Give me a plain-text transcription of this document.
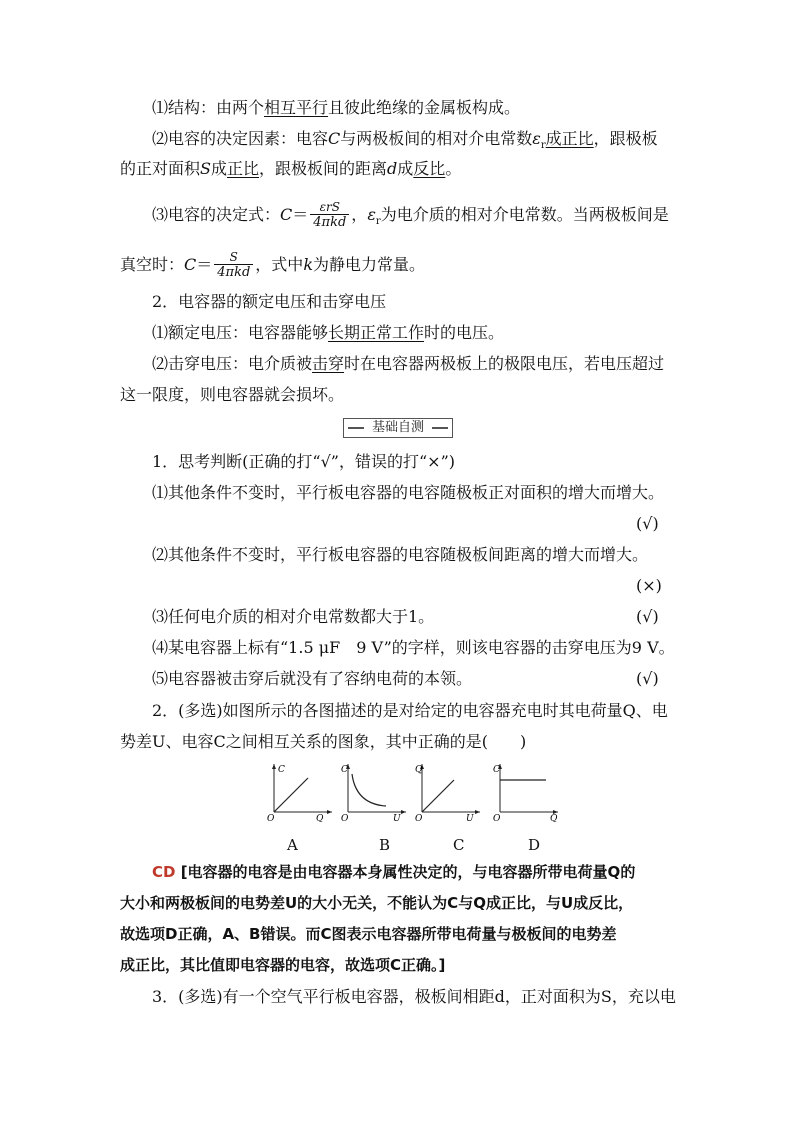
⑴结构：由两个相互平行且彼此绝缘的金属板构成。
⑵电容的决定因素：电容C与两极板间的相对介电常数$\varepsilon_r$成正比，跟极板
的正对面积S成正比，跟极板间的距离d成反比。
⑶电容的决定式：$C= \frac{\text{εrS}}{\text{4πkd}}$ ，$\varepsilon_r$为电介质的相对介电常数。当两极板间是
真空时：$C= \frac{S}{\text{4πkd}}$ ，式中k为静电力常量。
2．电容器的额定电压和击穿电压
⑴额定电压：电容器能够长期正常工作时的电压。
⑵击穿电压：电介质被击穿时在电容器两极板上的极限电压，若电压超过
这一限度，则电容器就会损坏。
基础自测
1．思考判断(正确的打“√”，错误的打“×”)
⑴其他条件不变时，平行板电容器的电容随极板正对面积的增大而增大。
(√)
⑵其他条件不变时，平行板电容器的电容随极板间距离的增大而增大。
(×)
⑶任何电介质的相对介电常数都大于1。	(√)
⑷某电容器上标有“1.5 μF　9 V”的字样，则该电容器的击穿电压为9 V。
⑸电容器被击穿后就没有了容纳电荷的本领。	(√)
2．(多选)如图所示的各图描述的是对给定的电容器充电时其电荷量Q、电
势差U、电容C之间相互关系的图象，其中正确的是(　　)
C
Q
O
C
U
O
Q
U
O
C
Q
O
A	B	C	D
CD [电容器的电容是由电容器本身属性决定的，与电容器所带电荷量Q的
大小和两极板间的电势差U的大小无关，不能认为C与Q成正比，与U成反比，
故选项D正确，A、B错误。而C图表示电容器所带电荷量与极板间的电势差
成正比，其比值即电容器的电容，故选项C正确。]
3．(多选)有一个空气平行板电容器，极板间相距d，正对面积为S，充以电
